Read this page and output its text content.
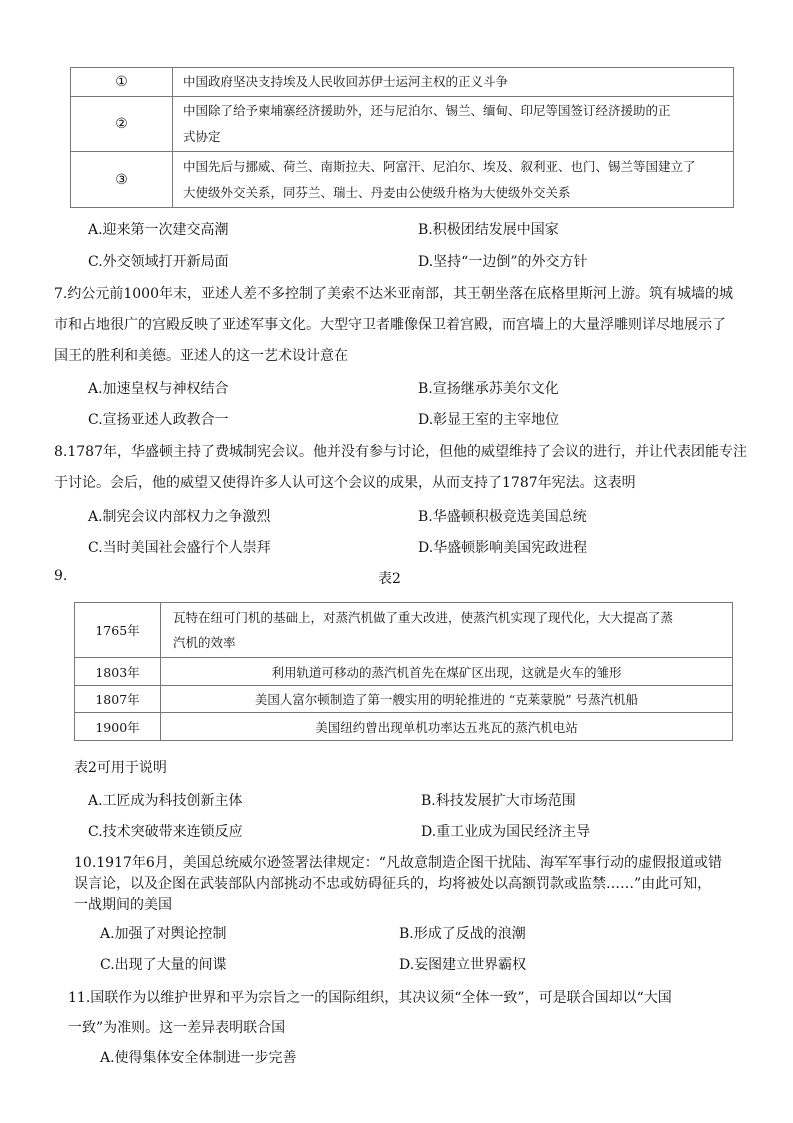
①	中国政府坚决支持埃及人民收回苏伊士运河主权的正义斗争

②	中国除了给予柬埔寨经济援助外，还与尼泊尔、锡兰、缅甸、印尼等国签订经济援助的正
式协定

③	中国先后与挪威、荷兰、南斯拉夫、阿富汗、尼泊尔、埃及、叙利亚、也门、锡兰等国建立了
大使级外交关系，同芬兰、瑞士、丹麦由公使级升格为大使级外交关系
A.迎来第一次建交高潮	B.积极团结发展中国家
C.外交领域打开新局面	D.坚持“一边倒”的外交方针
7.约公元前1000年末，亚述人差不多控制了美索不达米亚南部，其王朝坐落在底格里斯河上游。筑有城墙的城
市和占地很广的宫殿反映了亚述军事文化。大型守卫者雕像保卫着宫殿，而宫墙上的大量浮雕则详尽地展示了
国王的胜利和美德。亚述人的这一艺术设计意在
A.加速皇权与神权结合	B.宣扬继承苏美尔文化
C.宣扬亚述人政教合一	D.彰显王室的主宰地位
8.1787年，华盛顿主持了费城制宪会议。他并没有参与讨论，但他的威望维持了会议的进行，并让代表团能专注
于讨论。会后，他的威望又使得许多人认可这个会议的成果，从而支持了1787年宪法。这表明
A.制宪会议内部权力之争激烈	B.华盛顿积极竞选美国总统
C.当时美国社会盛行个人崇拜	D.华盛顿影响美国宪政进程
9.	表2
1765年	瓦特在纽可门机的基础上，对蒸汽机做了重大改进，使蒸汽机实现了现代化，大大提高了蒸
汽机的效率

1803年	利用轨道可移动的蒸汽机首先在煤矿区出现，这就是火车的雏形
1807年	美国人富尔顿制造了第一艘实用的明轮推进的 “克莱蒙脱” 号蒸汽机船
1900年	美国纽约曾出现单机功率达五兆瓦的蒸汽机电站
表2可用于说明
A.工匠成为科技创新主体	B.科技发展扩大市场范围
C.技术突破带来连锁反应	D.重工业成为国民经济主导
10.1917年6月，美国总统威尔逊签署法律规定：“凡故意制造企图干扰陆、海军军事行动的虚假报道或错
误言论，以及企图在武装部队内部挑动不忠或妨碍征兵的，均将被处以高额罚款或监禁……”由此可知，
一战期间的美国
A.加强了对舆论控制	B.形成了反战的浪潮
C.出现了大量的间谍	D.妄图建立世界霸权
11.国联作为以维护世界和平为宗旨之一的国际组织，其决议须“全体一致”，可是联合国却以“大国
一致”为准则。这一差异表明联合国
A.使得集体安全体制进一步完善
